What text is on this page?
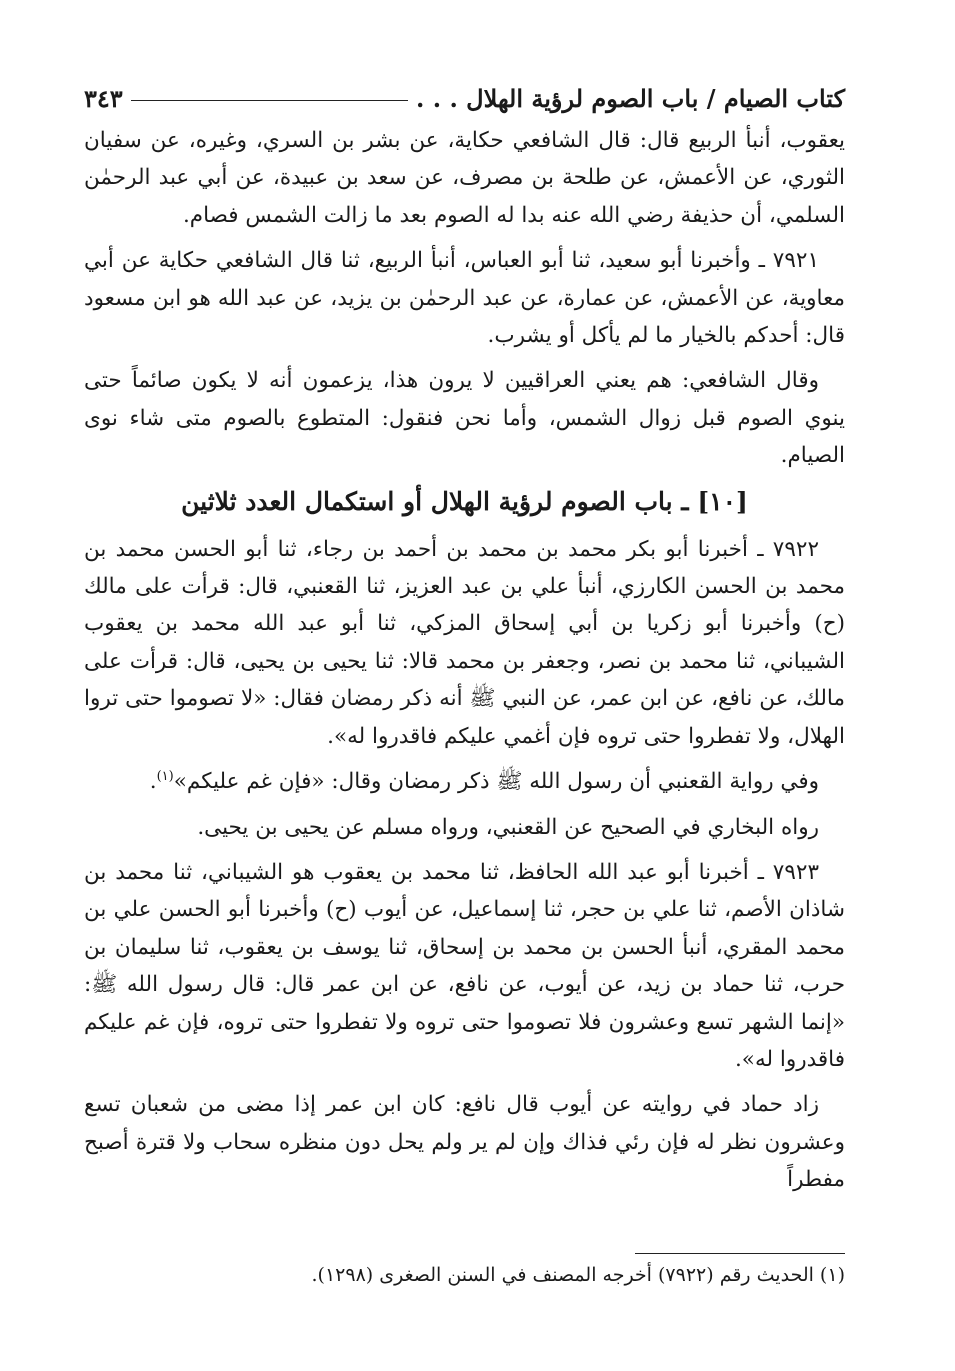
كتاب الصيام / باب الصوم لرؤية الهلال . . .
٣٤٣

يعقوب، أنبأ الربيع قال: قال الشافعي حكاية، عن بشر بن السري، وغيره، عن سفيان الثوري، عن الأعمش، عن طلحة بن مصرف، عن سعد بن عبيدة، عن أبي عبد الرحمٰن السلمي، أن حذيفة رضي الله عنه بدا له الصوم بعد ما زالت الشمس فصام.

٧٩٢١ ـ وأخبرنا أبو سعيد، ثنا أبو العباس، أنبأ الربيع، ثنا قال الشافعي حكاية عن أبي معاوية، عن الأعمش، عن عمارة، عن عبد الرحمٰن بن يزيد، عن عبد الله هو ابن مسعود قال: أحدكم بالخيار ما لم يأكل أو يشرب.

وقال الشافعي: هم يعني العراقيين لا يرون هذا، يزعمون أنه لا يكون صائماً حتى ينوي الصوم قبل زوال الشمس، وأما نحن فنقول: المتطوع بالصوم متى شاء نوى الصيام.

[١٠] ـ باب الصوم لرؤية الهلال أو استكمال العدد ثلاثين

٧٩٢٢ ـ أخبرنا أبو بكر محمد بن محمد بن أحمد بن رجاء، ثنا أبو الحسن محمد بن محمد بن الحسن الكارزي، أنبأ علي بن عبد العزيز، ثنا القعنبي، قال: قرأت على مالك (ح) وأخبرنا أبو زكريا بن أبي إسحاق المزكي، ثنا أبو عبد الله محمد بن يعقوب الشيباني، ثنا محمد بن نصر، وجعفر بن محمد قالا: ثنا يحيى بن يحيى، قال: قرأت على مالك، عن نافع، عن ابن عمر، عن النبي ﷺ أنه ذكر رمضان فقال: «لا تصوموا حتى تروا الهلال، ولا تفطروا حتى تروه فإن أغمي عليكم فاقدروا له».

وفي رواية القعنبي أن رسول الله ﷺ ذكر رمضان وقال: «فإن غم عليكم»$^{(١)}$.

رواه البخاري في الصحيح عن القعنبي، ورواه مسلم عن يحيى بن يحيى.

٧٩٢٣ ـ أخبرنا أبو عبد الله الحافظ، ثنا محمد بن يعقوب هو الشيباني، ثنا محمد بن شاذان الأصم، ثنا علي بن حجر، ثنا إسماعيل، عن أيوب (ح) وأخبرنا أبو الحسن علي بن محمد المقري، أنبأ الحسن بن محمد بن إسحاق، ثنا يوسف بن يعقوب، ثنا سليمان بن حرب، ثنا حماد بن زيد، عن أيوب، عن نافع، عن ابن عمر قال: قال رسول الله ﷺ: «إنما الشهر تسع وعشرون فلا تصوموا حتى تروه ولا تفطروا حتى تروه، فإن غم عليكم فاقدروا له».

زاد حماد في روايته عن أيوب قال نافع: كان ابن عمر إذا مضى من شعبان تسع وعشرون نظر له فإن رئي فذاك وإن لم ير ولم يحل دون منظره سحاب ولا قترة أصبح مفطراً

(١) الحديث رقم (٧٩٢٢) أخرجه المصنف في السنن الصغرى (١٢٩٨).
